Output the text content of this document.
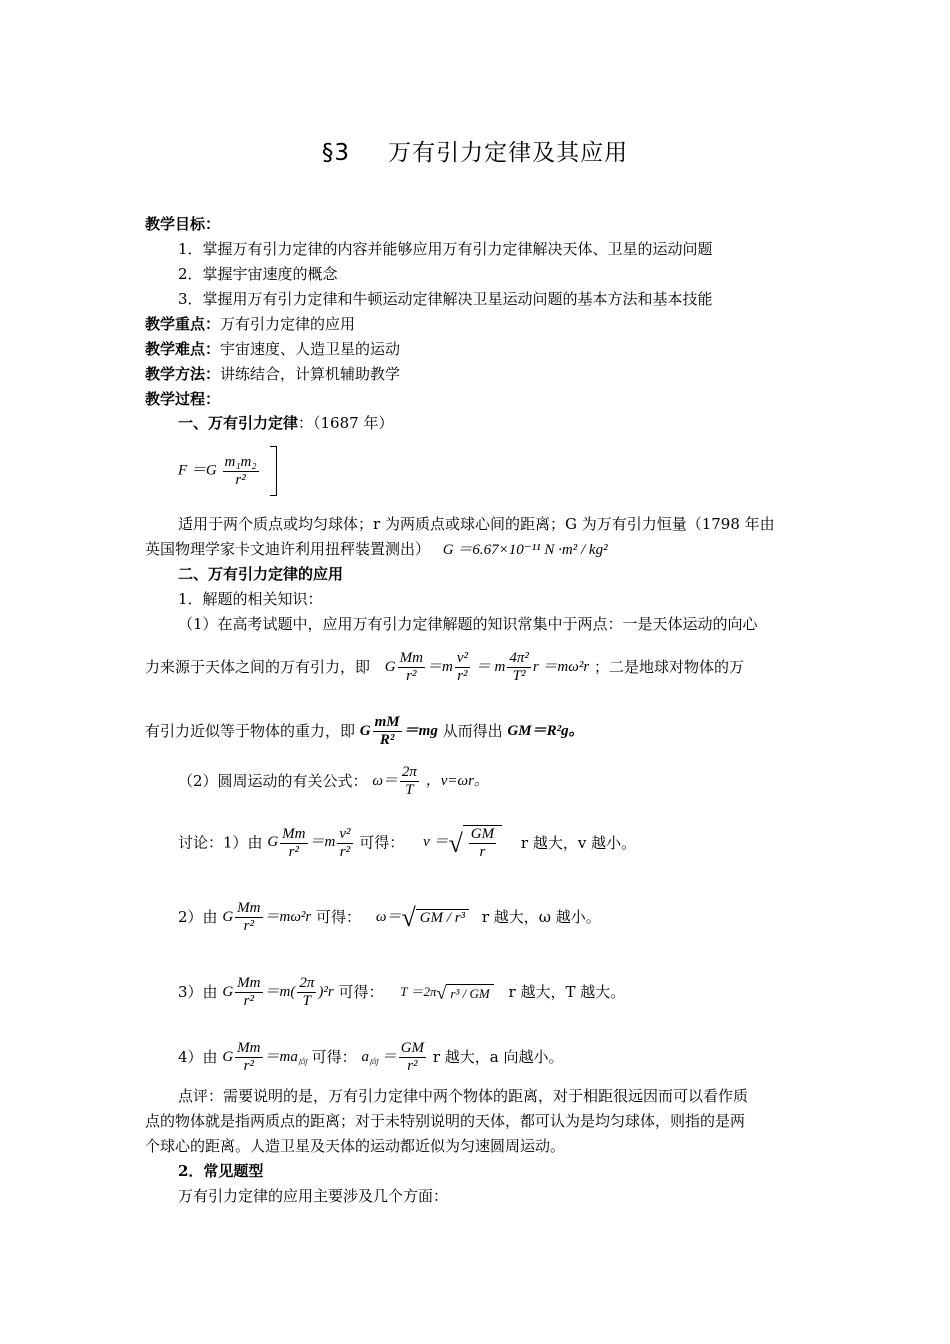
§3 万有引力定律及其应用
教学目标：
1．掌握万有引力定律的内容并能够应用万有引力定律解决天体、卫星的运动问题
2．掌握宇宙速度的概念
3．掌握用万有引力定律和牛顿运动定律解决卫星运动问题的基本方法和基本技能
教学重点：万有引力定律的应用
教学难点：宇宙速度、人造卫星的运动
教学方法：讲练结合，计算机辅助教学
教学过程：
一、万有引力定律：（1687 年）
$F =G \frac{\text{m₁m₂}}{\text{r²}}$

适用于两个质点或均匀球体；r 为两质点或球心间的距离；G 为万有引力恒量（1798 年由
英国物理学家卡文迪许利用扭秤装置测出） G ＝6.67×10⁻¹¹ N ·m² / kg²
二、万有引力定律的应用
1．解题的相关知识：
（1）在高考试题中，应用万有引力定律解题的知识常集中于两点：一是天体运动的向心
力来源于天体之间的万有引力，即 G $\frac{Mm}{\text{r²}} =m \frac{\text{v²}}{\text{r²}} = m \frac{\text{4π²}}{\text{T²}}$ r ＝mω²r ；二是地球对物体的万
有引力近似等于物体的重力，即 G $\frac{mM}{\text{R²}} =mg$ 从而得出 GM＝R²g。
（2）圆周运动的有关公式： $\omega= \frac{2\pi}{T}$ ，v=ωr。
讨论：1）由 G $\frac{Mm}{\text{r²}} =m \frac{\text{v²}}{\text{r²}}$ 可得： v ＝√ $\frac{GM}{r}$ r 越大，v 越小。
2）由 G $\frac{Mm}{\text{r²}} =m\omega^2r$ 可得： ω＝√ GM / r³ r 越大，ω 越小。
3）由 G $\frac{Mm}{\text{r²}} =m( \frac{2\pi}{T} )^2r$ 可得： T ＝2π√ r³ / GM r 越大，T 越大。
4）由 G $\frac{Mm}{\text{r²}} =ma_向$ 可得： $a_向 = \frac{GM}{\text{r²}}$ r 越大，a 向越小。
点评：需要说明的是，万有引力定律中两个物体的距离，对于相距很远因而可以看作质
点的物体就是指两质点的距离；对于未特别说明的天体，都可认为是均匀球体，则指的是两
个球心的距离。人造卫星及天体的运动都近似为匀速圆周运动。
2．常见题型
万有引力定律的应用主要涉及几个方面：
